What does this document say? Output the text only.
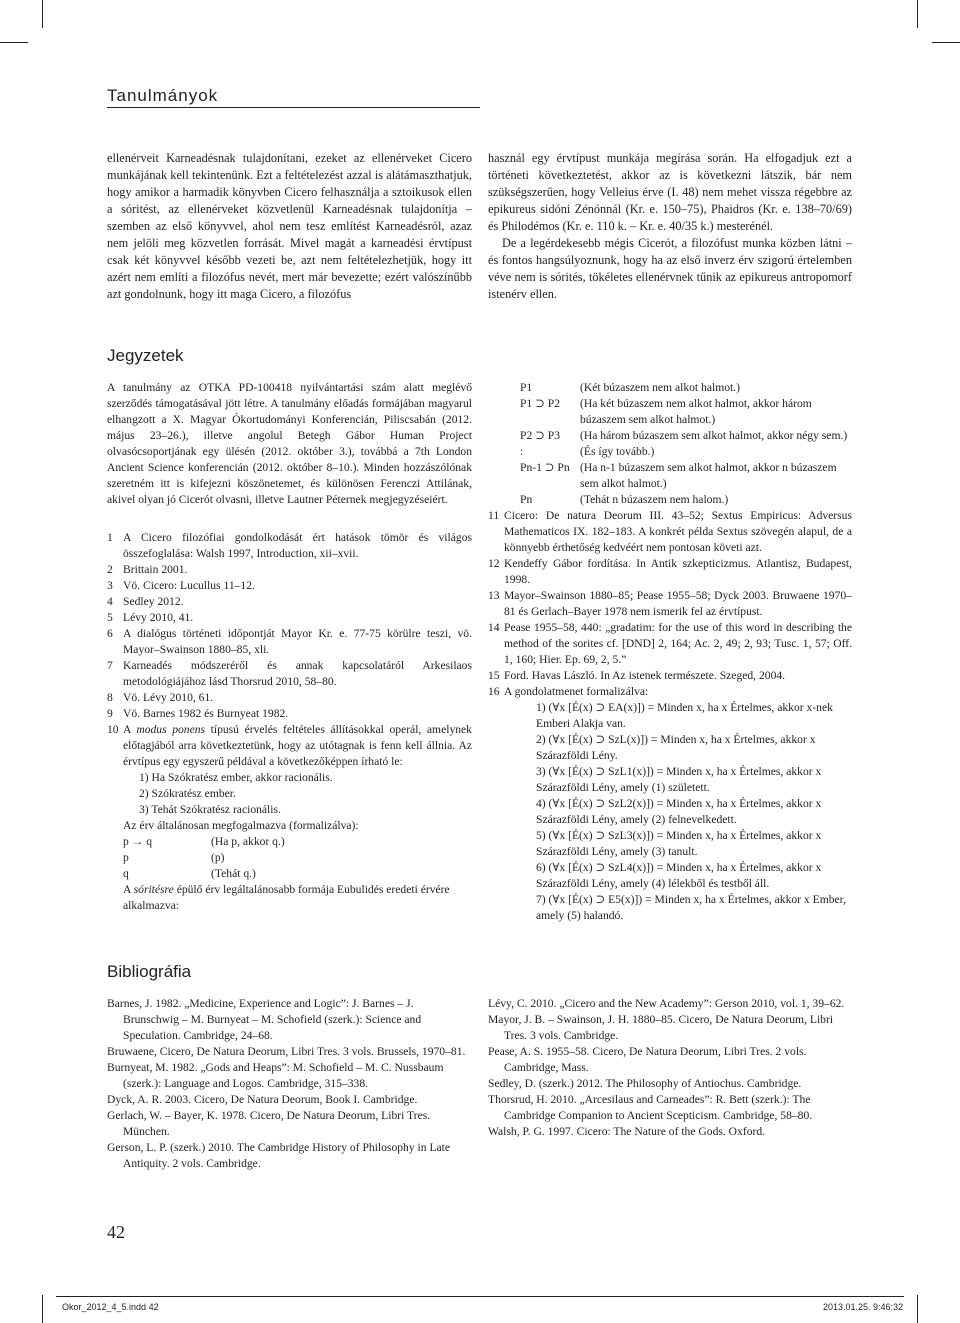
Tanulmányok

ellenérveit Karneadésnak tulajdonítani, ezeket az ellenérveket Cicero munkájának kell tekintenünk. Ezt a feltételezést azzal is alátámaszthatjuk, hogy amikor a harmadik könyvben Cicero felhasználja a sztoikusok ellen a sóritést, az ellenérveket közvetlenül Karneadésnak tulajdonítja – szemben az első könyvvel, ahol nem tesz említést Karneadésról, azaz nem jelöli meg közvetlen forrását. Mivel magát a karneadési érvtípust csak két könyvvel később vezeti be, azt nem feltételezhetjük, hogy itt azért nem említi a filozófus nevét, mert már bevezette; ezért valószínűbb azt gondolnunk, hogy itt maga Cicero, a filozófus

használ egy érvtípust munkája megírása során. Ha elfogadjuk ezt a történeti következtetést, akkor az is következni látszik, bár nem szükségszerűen, hogy Velleius érve (I. 48) nem mehet vissza régebbre az epikureus sidóni Zénónnál (Kr. e. 150–75), Phaidros (Kr. e. 138–70/69) és Philodémos (Kr. e. 110 k. – Kr. e. 40/35 k.) mesterénél.

De a legérdekesebb mégis Cicerót, a filozófust munka közben látni – és fontos hangsúlyoznunk, hogy ha az első inverz érv szigorú értelemben véve nem is sórités, tökéletes ellenérvnek tűnik az epikureus antropomorf istenérv ellen.

Jegyzetek

A tanulmány az OTKA PD-100418 nyilvántartási szám alatt meglévő szerződés támogatásával jött létre. A tanulmány előadás formájában magyarul elhangzott a X. Magyar Ókortudományi Konferencián, Piliscsabán (2012. május 23–26.), illetve angolul Betegh Gábor Human Project olvasócsoportjának egy ülésén (2012. október 3.), továbbá a 7th London Ancient Science konferencián (2012. október 8–10.). Minden hozzászólónak szeretném itt is kifejezni köszönetemet, és különösen Ferenczi Attilának, akivel olyan jó Cicerót olvasni, illetve Lautner Péternek megjegyzéseiért.

1 A Cicero filozófiai gondolkodását ért hatások tömör és világos összefoglalása: Walsh 1997, Introduction, xii–xvii.
2 Brittain 2001.
3 Vö. Cicero: Lucullus 11–12.
4 Sedley 2012.
5 Lévy 2010, 41.
6 A dialógus történeti időpontját Mayor Kr. e. 77-75 körülre teszi, vö. Mayor–Swainson 1880–85, xli.
7 Karneadés módszeréről és annak kapcsolatáról Arkesilaos metodológiájához lásd Thorsrud 2010, 58–80.
8 Vö. Lévy 2010, 61.
9 Vö. Barnes 1982 és Burnyeat 1982.
10 A modus ponens típusú érvelés feltételes állításokkal operál, amelynek előtagjából arra következtetünk, hogy az utótagnak is fenn kell állnia. Az érvtípus egy egyszerű példával a következőképpen írható le:
1) Ha Szókratész ember, akkor racionális.
2) Szókratész ember.
3) Tehát Szókratész racionális.
Az érv általánosan megfogalmazva (formalizálva):
p → q	(Ha p, akkor q.)
p	(p)
q	(Tehát q.)
A sóritésre épülő érv legáltalánosabb formája Eubulidés eredeti érvére alkalmazva:
P1	(Két búzaszem nem alkot halmot.)
P1 ⊃ P2	(Ha két búzaszem nem alkot halmot, akkor három búzaszem sem alkot halmot.)
P2 ⊃ P3	(Ha három búzaszem sem alkot halmot, akkor négy sem.)
:	(És így tovább.)
Pn-1 ⊃ Pn (Ha n-1 búzaszem sem alkot halmot, akkor n búzaszem sem alkot halmot.)
Pn	(Tehát n búzaszem nem halom.)
11 Cicero: De natura Deorum III. 43–52; Sextus Empiricus: Adversus Mathematicos IX. 182–183. A konkrét példa Sextus szövegén alapul, de a könnyebb érthetőség kedvéért nem pontosan követi azt.
12 Kendeffy Gábor fordítása. In Antik szkepticizmus. Atlantisz, Budapest, 1998.
13 Mayor–Swainson 1880–85; Pease 1955–58; Dyck 2003. Bruwaene 1970–81 és Gerlach–Bayer 1978 nem ismerik fel az érvtípust.
14 Pease 1955–58, 440: „gradatim: for the use of this word in describing the method of the sorites cf. [DND] 2, 164; Ac. 2, 49; 2, 93; Tusc. 1, 57; Off. 1, 160; Hier. Ep. 69, 2, 5.”
15 Ford. Havas László. In Az istenek természete. Szeged, 2004.
16 A gondolatmenet formalizálva:
1) (∀x [É(x) ⊃ EA(x)]) = Minden x, ha x Értelmes, akkor x-nek Emberi Alakja van.
2) (∀x [É(x) ⊃ SzL(x)]) = Minden x, ha x Értelmes, akkor x Szárazföldi Lény.
3) (∀x [É(x) ⊃ SzL1(x)]) = Minden x, ha x Értelmes, akkor x Szárazföldi Lény, amely (1) született.
4) (∀x [É(x) ⊃ SzL2(x)]) = Minden x, ha x Értelmes, akkor x Szárazföldi Lény, amely (2) felnevelkedett.
5) (∀x [É(x) ⊃ SzL3(x)]) = Minden x, ha x Értelmes, akkor x Szárazföldi Lény, amely (3) tanult.
6) (∀x [É(x) ⊃ SzL4(x)]) = Minden x, ha x Értelmes, akkor x Szárazföldi Lény, amely (4) lélekből és testből áll.
7) (∀x [É(x) ⊃ E5(x)]) = Minden x, ha x Értelmes, akkor x Ember, amely (5) halandó.
Bibliográfia

Barnes, J. 1982. „Medicine, Experience and Logic”: J. Barnes – J. Brunschwig – M. Burnyeat – M. Schofield (szerk.): Science and Speculation. Cambridge, 24–68.

Bruwaene, Cicero, De Natura Deorum, Libri Tres. 3 vols. Brussels, 1970–81.

Burnyeat, M. 1982. „Gods and Heaps”: M. Schofield – M. C. Nussbaum (szerk.): Language and Logos. Cambridge, 315–338.

Dyck, A. R. 2003. Cicero, De Natura Deorum, Book I. Cambridge.

Gerlach, W. – Bayer, K. 1978. Cicero, De Natura Deorum, Libri Tres. München.

Gerson, L. P. (szerk.) 2010. The Cambridge History of Philosophy in Late Antiquity. 2 vols. Cambridge.

Lévy, C. 2010. „Cicero and the New Academy”: Gerson 2010, vol. 1, 39–62.

Mayor, J. B. – Swainson, J. H. 1880–85. Cicero, De Natura Deorum, Libri Tres. 3 vols. Cambridge.

Pease, A. S. 1955–58. Cicero, De Natura Deorum, Libri Tres. 2 vols. Cambridge, Mass.

Sedley, D. (szerk.) 2012. The Philosophy of Antiochus. Cambridge.

Thorsrud, H. 2010. „Arcesilaus and Carneades”: R. Bett (szerk.): The Cambridge Companion to Ancient Scepticism. Cambridge, 58–80.

Walsh, P. G. 1997. Cicero: The Nature of the Gods. Oxford.

42
Okor_2012_4_5.indd 42	2013.01.25. 9:46:32
